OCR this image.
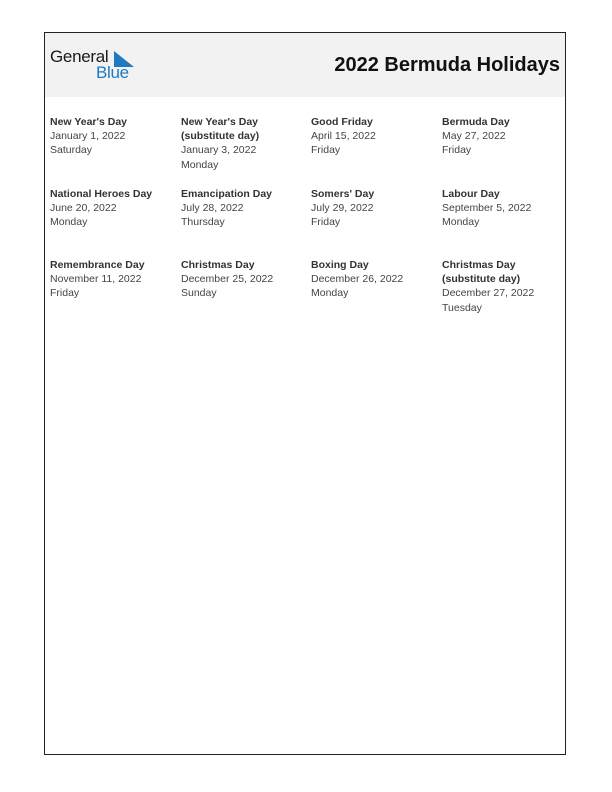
General
Blue	2022 Bermuda Holidays
New Year's Day
January 1, 2022
Saturday
New Year's Day (substitute day)
January 3, 2022
Monday
Good Friday
April 15, 2022
Friday
Bermuda Day
May 27, 2022
Friday
National Heroes Day
June 20, 2022
Monday
Emancipation Day
July 28, 2022
Thursday
Somers' Day
July 29, 2022
Friday
Labour Day
September 5, 2022
Monday
Remembrance Day
November 11, 2022
Friday
Christmas Day
December 25, 2022
Sunday
Boxing Day
December 26, 2022
Monday
Christmas Day (substitute day)
December 27, 2022
Tuesday
